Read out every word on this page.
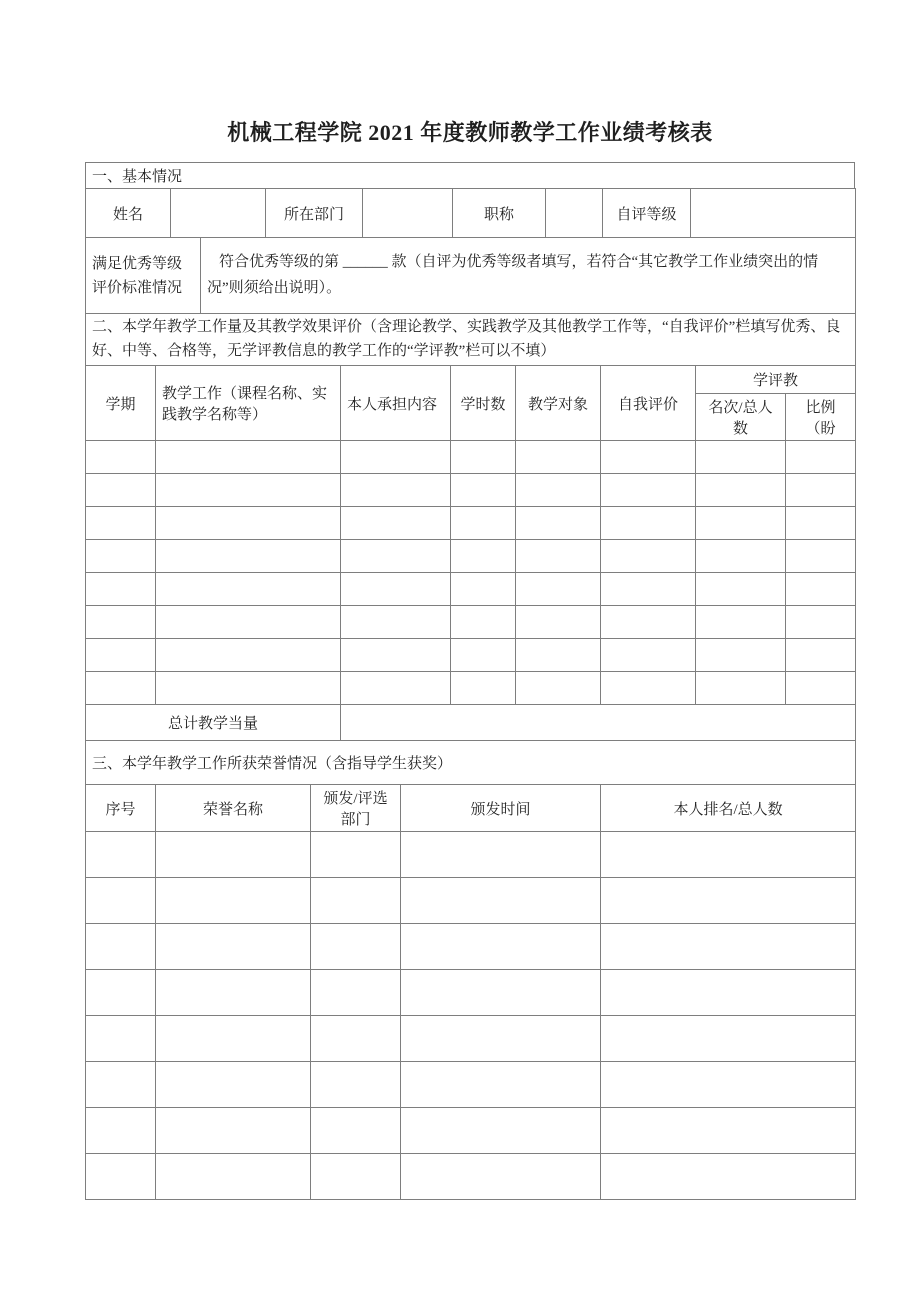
机械工程学院 2021 年度教师教学工作业绩考核表
一、基本情况
姓名		所在部门		职称		自评等级	
满足优秀等级评价标准情况	符合优秀等级的第 ______ 款（自评为优秀等级者填写，若符合“其它教学工作业绩突出的情况”则须给出说明）。
二、本学年教学工作量及其教学效果评价（含理论教学、实践教学及其他教学工作等，“自我评价”栏填写优秀、良好、中等、合格等，无学评教信息的教学工作的“学评教”栏可以不填）							
学期	教学工作（课程名称、实践教学名称等）	本人承担内容	学时数	教学对象	自我评价	学评教	
						名次/总人数	比例（盼

总计教学当量							
三、本学年教学工作所获荣誉情况（含指导学生获奖）				
序号	荣誉名称	颁发/评选部门	颁发时间	本人排名/总人数
